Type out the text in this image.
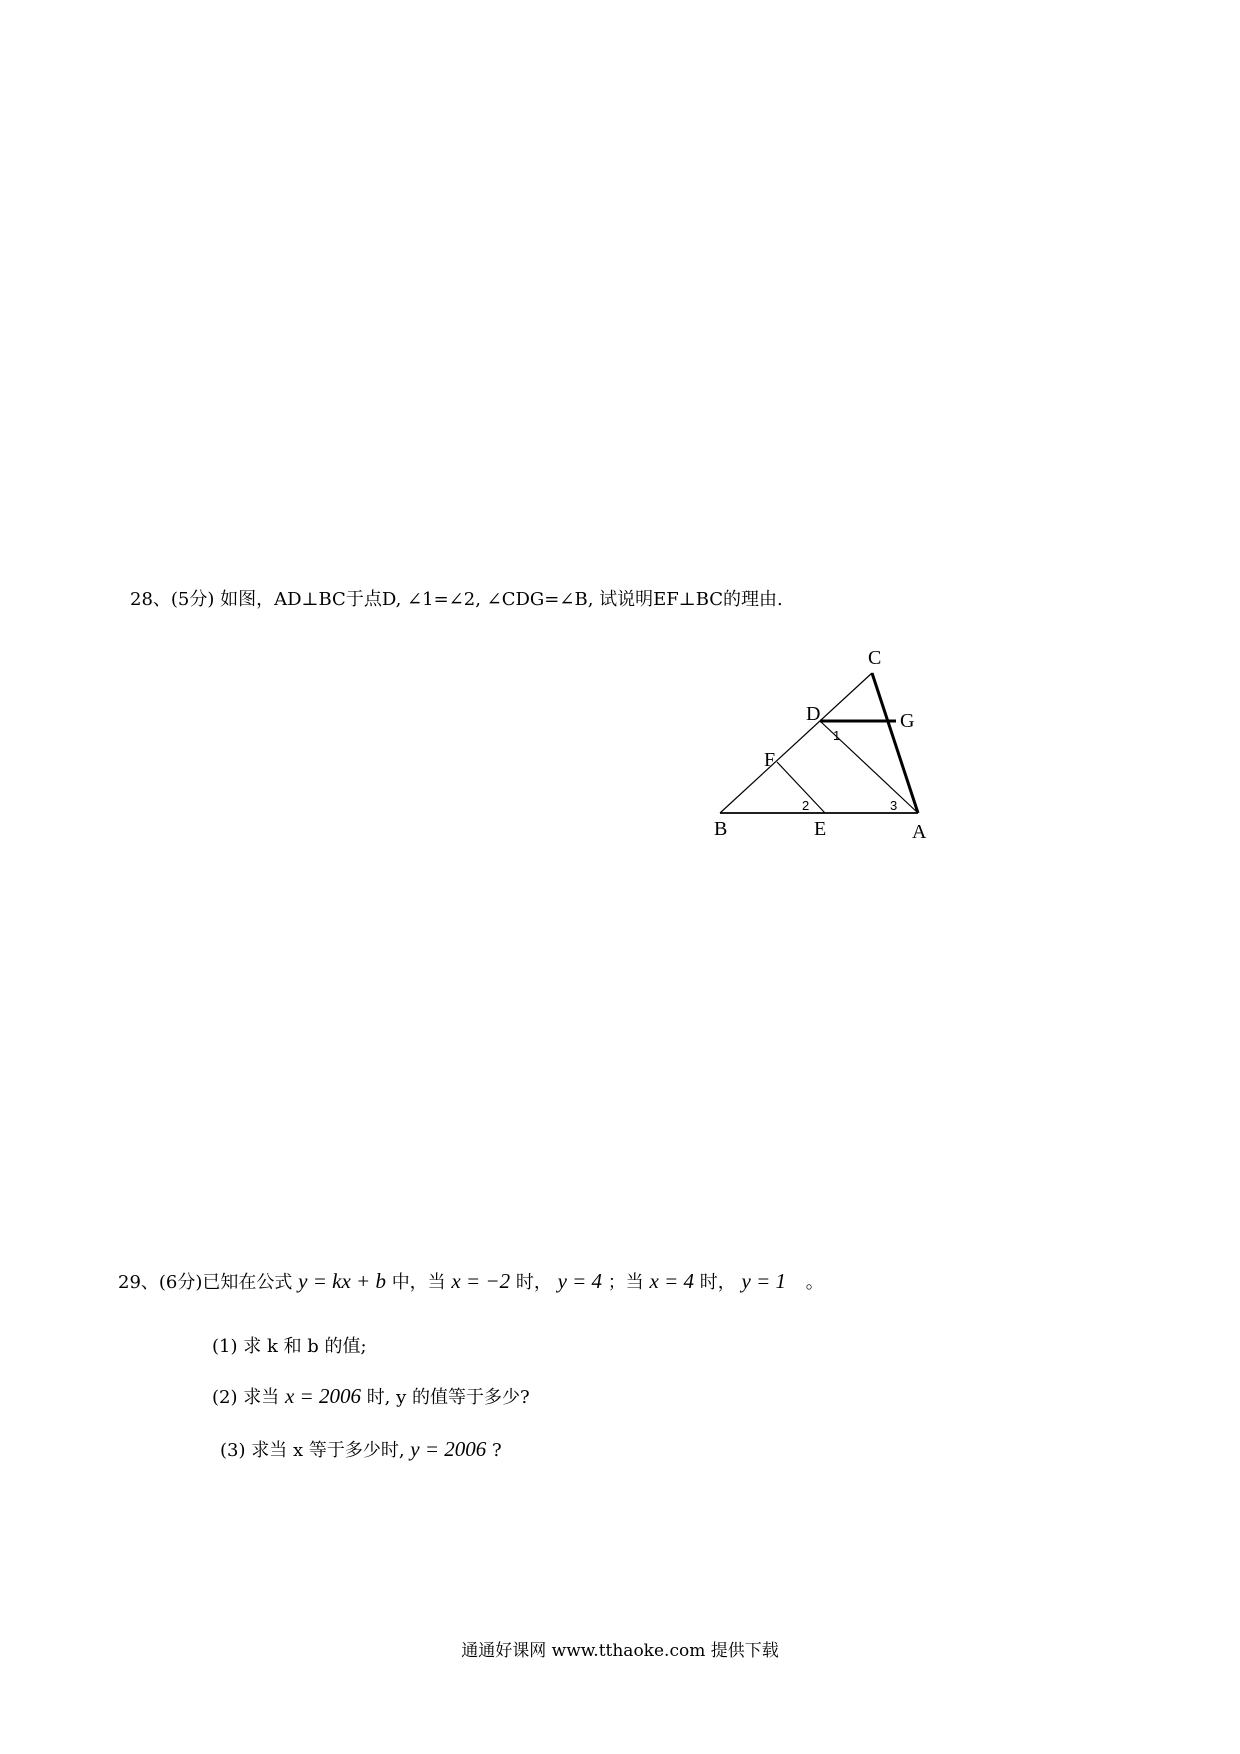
28、(5分) 如图，AD⊥BC于点D, ∠1=∠2, ∠CDG=∠B, 试说明EF⊥BC的理由.
C
D	G
F
B	E	A
1
2	3
29、(6分)已知在公式 y = kx + b 中，当 x = −2 时， y = 4 ；当 x = 4 时， y = 1 。
(1) 求 k 和 b 的值;
(2) 求当 x = 2006 时, y 的值等于多少?
(3) 求当 x 等于多少时, y = 2006 ?
通通好课网 www.tthaoke.com 提供下载
